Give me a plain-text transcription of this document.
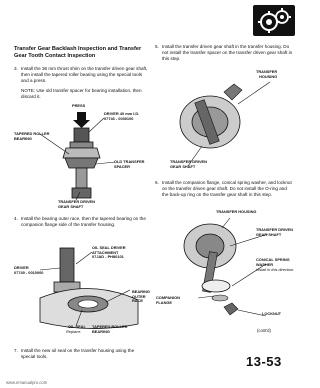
Transfer Gear Backlash Inspection and Transfer Gear Tooth Contact Inspection
3. Install the 36 mm thrust shim on the transfer driven gear shaft, then install the tapered roller bearing using the special tools and a press.
NOTE: Use old transfer spacer for bearing installation, then discard it.
PRESS
DRIVER 40 mm I.D.
07746 - 0030100
TAPERED ROLLER
BEARING
OLD TRANSFER
SPACER
TRANSFER DRIVEN
GEAR SHAFT
4. Install the bearing outer race, then the tapered bearing on the companion flange side of the transfer housing.
OIL SEAL DRIVER
ATTACHMENT
07JAD - PH80101
DRIVER
07749 - 0010000
BEARING
OUTER
RACE
OIL SEAL
Replace.
TAPERED ROLLER
BEARING
7. Install the new oil seal on the transfer housing using the special tools.
5. Install the transfer driven gear shaft in the transfer housing. Do not install the transfer spacer on the transfer driven gear shaft in this step.
TRANSFER
HOUSING
TRANSFER DRIVEN
GEAR SHAFT
6. Install the companion flange, conical spring washer, and locknut on the transfer driven gear shaft. Do not install the O-ring and the back-up ring on the transfer gear shaft in this step.
TRANSFER HOUSING
TRANSFER DRIVEN
GEAR SHAFT
CONICAL SPRING
WASHER
Install in this direction.
COMPANION
FLANGE
LOCKNUT
(cont'd)
13-53
www.emanualpro.com
